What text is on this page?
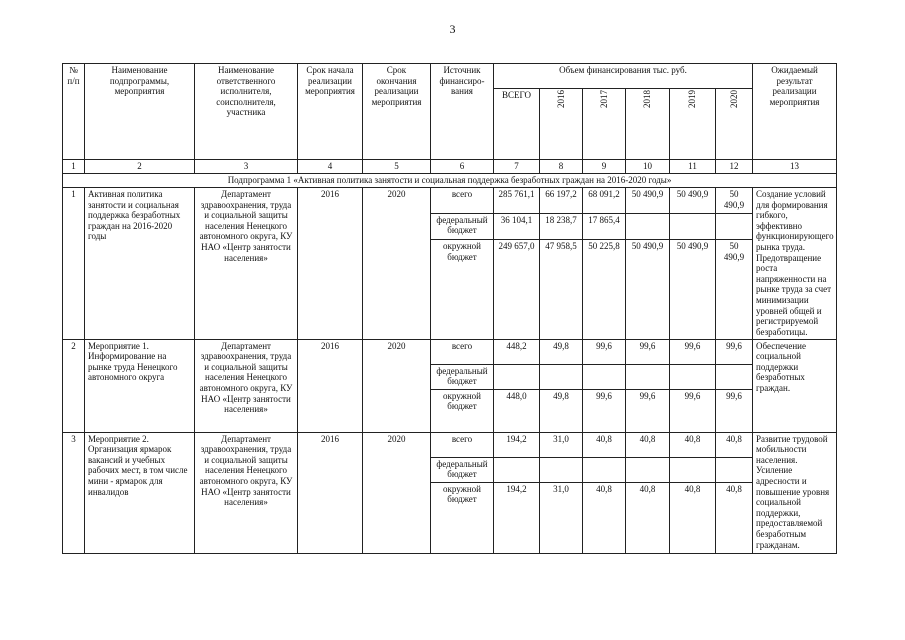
3
№ п/п	Наименование подпрограммы, мероприятия	Наименование ответственного исполнителя, соисполнителя, участника	Срок начала реализации мероприятия	Срок окончания реализации мероприятия	Источник финансиро-вания	Объем финансирования тыс. руб.						Ожидаемый результат реализации мероприятия
						ВСЕГО	2016	2017	2018	2019	2020	
1	2	3	4	5	6	7	8	9	10	11	12	13
Подпрограмма 1 «Активная политика занятости и социальная поддержка безработных граждан на 2016-2020 годы»												
1	Активная политика занятости и социальная поддержка безработных граждан на 2016-2020 годы	Департамент здравоохранения, труда и социальной защиты населения Ненецкого автономного округа, КУ НАО «Центр занятости населения»	2016	2020	всего	285 761,1	66 197,2	68 091,2	50 490,9	50 490,9	50 490,9	Создание условий для формирования гибкого, эффективно функционирующего рынка труда. Предотвращение роста напряженности на рынке труда за счет минимизации уровней общей и регистрируемой безработицы.
					федеральный бюджет	36 104,1	18 238,7	17 865,4				
					окружной бюджет	249 657,0	47 958,5	50 225,8	50 490,9	50 490,9	50 490,9	
2	Мероприятие 1. Информирование на рынке труда Ненецкого автономного округа	Департамент здравоохранения, труда и социальной защиты населения Ненецкого автономного округа, КУ НАО «Центр занятости населения»	2016	2020	всего	448,2	49,8	99,6	99,6	99,6	99,6	Обеспечение социальной поддержки безработных граждан.
					федеральный бюджет							
					окружной бюджет	448,0	49,8	99,6	99,6	99,6	99,6	
3	Мероприятие 2. Организация ярмарок вакансий и учебных рабочих мест, в том числе мини - ярмарок для инвалидов	Департамент здравоохранения, труда и социальной защиты населения Ненецкого автономного округа, КУ НАО «Центр занятости населения»	2016	2020	всего	194,2	31,0	40,8	40,8	40,8	40,8	Развитие трудовой мобильности населения. Усиление адресности и повышение уровня социальной поддержки, предоставляемой безработным гражданам.
					федеральный бюджет							
					окружной бюджет	194,2	31,0	40,8	40,8	40,8	40,8	
